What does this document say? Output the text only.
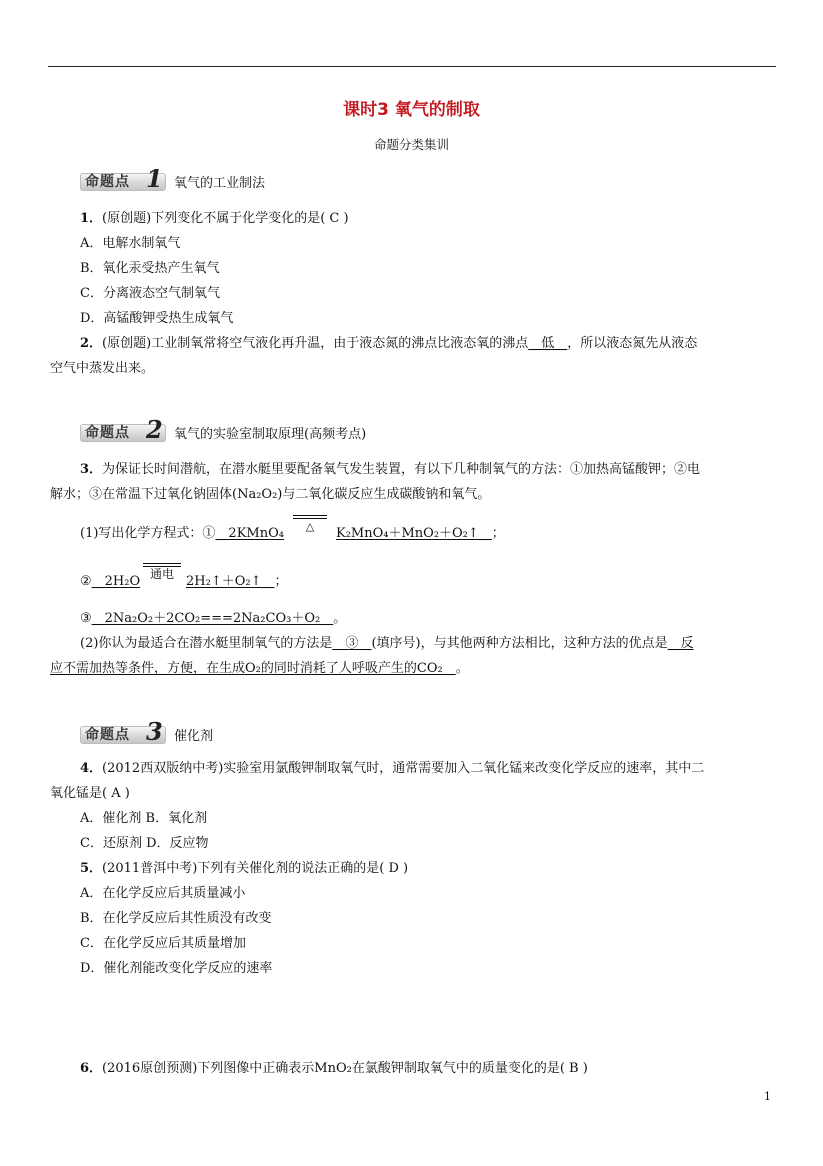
课时3 氧气的制取
命题分类集训
命题点 1 氧气的工业制法
1．(原创题)下列变化不属于化学变化的是( C )
A．电解水制氧气
B．氧化汞受热产生氧气
C．分离液态空气制氧气
D．高锰酸钾受热生成氧气
2．(原创题)工业制氧常将空气液化再升温，由于液态氮的沸点比液态氧的沸点__低__，所以液态氮先从液态
空气中蒸发出来。
命题点 2 氧气的实验室制取原理(高频考点)
3．为保证长时间潜航，在潜水艇里要配备氧气发生装置，有以下几种制氧气的方法：①加热高锰酸钾；②电
解水；③在常温下过氧化钠固体(Na₂O₂)与二氧化碳反应生成碳酸钠和氧气。
(1)写出化学方程式：①__2KMnO₄	△	K₂MnO₄＋MnO₂＋O₂↑__；
②__2H₂O 通电 2H₂↑＋O₂↑__；
③__2Na₂O₂＋2CO₂===2Na₂CO₃＋O₂__。
(2)你认为最适合在潜水艇里制氧气的方法是__③__(填序号)，与其他两种方法相比，这种方法的优点是__反
应不需加热等条件，方便，在生成O₂的同时消耗了人呼吸产生的CO₂__。
命题点 3 催化剂
4．(2012西双版纳中考)实验室用氯酸钾制取氧气时，通常需要加入二氧化锰来改变化学反应的速率，其中二
氧化锰是( A )
A．催化剂 B．氧化剂
C．还原剂 D．反应物
5．(2011普洱中考)下列有关催化剂的说法正确的是( D )
A．在化学反应后其质量减小
B．在化学反应后其性质没有改变
C．在化学反应后其质量增加
D．催化剂能改变化学反应的速率
6．(2016原创预测)下列图像中正确表示MnO₂在氯酸钾制取氧气中的质量变化的是( B )
1
